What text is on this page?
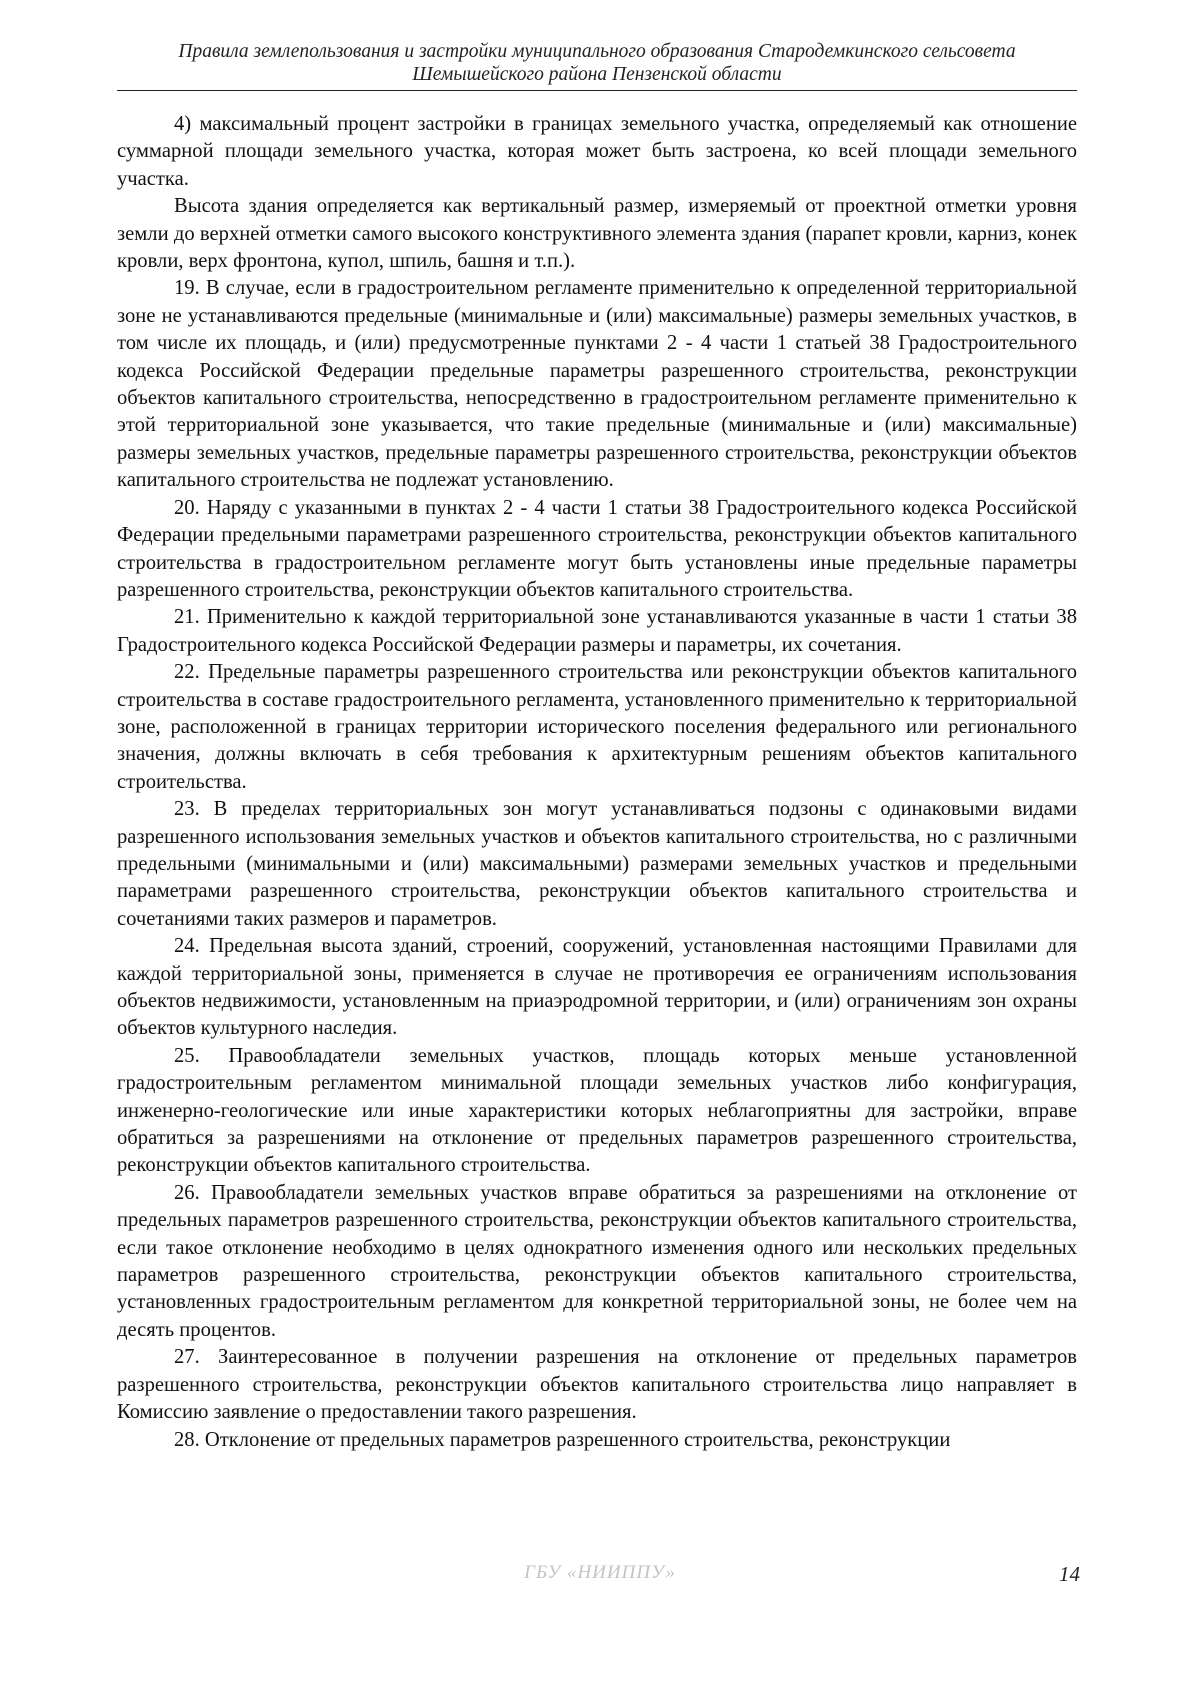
Правила землепользования и застройки муниципального образования Стародемкинского сельсовета
Шемышейского района Пензенской области

4) максимальный процент застройки в границах земельного участка, определяемый как отношение суммарной площади земельного участка, которая может быть застроена, ко всей площади земельного участка.

Высота здания определяется как вертикальный размер, измеряемый от проектной отметки уровня земли до верхней отметки самого высокого конструктивного элемента здания (парапет кровли, карниз, конек кровли, верх фронтона, купол, шпиль, башня и т.п.).

19. В случае, если в градостроительном регламенте применительно к определенной территориальной зоне не устанавливаются предельные (минимальные и (или) максимальные) размеры земельных участков, в том числе их площадь, и (или) предусмотренные пунктами 2 - 4 части 1 статьей 38 Градостроительного кодекса Российской Федерации предельные параметры разрешенного строительства, реконструкции объектов капитального строительства, непосредственно в градостроительном регламенте применительно к этой территориальной зоне указывается, что такие предельные (минимальные и (или) максимальные) размеры земельных участков, предельные параметры разрешенного строительства, реконструкции объектов капитального строительства не подлежат установлению.

20. Наряду с указанными в пунктах 2 - 4 части 1 статьи 38 Градостроительного кодекса Российской Федерации предельными параметрами разрешенного строительства, реконструкции объектов капитального строительства в градостроительном регламенте могут быть установлены иные предельные параметры разрешенного строительства, реконструкции объектов капитального строительства.

21. Применительно к каждой территориальной зоне устанавливаются указанные в части 1 статьи 38 Градостроительного кодекса Российской Федерации размеры и параметры, их сочетания.

22. Предельные параметры разрешенного строительства или реконструкции объектов капитального строительства в составе градостроительного регламента, установленного применительно к территориальной зоне, расположенной в границах территории исторического поселения федерального или регионального значения, должны включать в себя требования к архитектурным решениям объектов капитального строительства.

23. В пределах территориальных зон могут устанавливаться подзоны с одинаковыми видами разрешенного использования земельных участков и объектов капитального строительства, но с различными предельными (минимальными и (или) максимальными) размерами земельных участков и предельными параметрами разрешенного строительства, реконструкции объектов капитального строительства и сочетаниями таких размеров и параметров.

24. Предельная высота зданий, строений, сооружений, установленная настоящими Правилами для каждой территориальной зоны, применяется в случае не противоречия ее ограничениям использования объектов недвижимости, установленным на приаэродромной территории, и (или) ограничениям зон охраны объектов культурного наследия.

25. Правообладатели земельных участков, площадь которых меньше установленной градостроительным регламентом минимальной площади земельных участков либо конфигурация, инженерно-геологические или иные характеристики которых неблагоприятны для застройки, вправе обратиться за разрешениями на отклонение от предельных параметров разрешенного строительства, реконструкции объектов капитального строительства.

26. Правообладатели земельных участков вправе обратиться за разрешениями на отклонение от предельных параметров разрешенного строительства, реконструкции объектов капитального строительства, если такое отклонение необходимо в целях однократного изменения одного или нескольких предельных параметров разрешенного строительства, реконструкции объектов капитального строительства, установленных градостроительным регламентом для конкретной территориальной зоны, не более чем на десять процентов.

27. Заинтересованное в получении разрешения на отклонение от предельных параметров разрешенного строительства, реконструкции объектов капитального строительства лицо направляет в Комиссию заявление о предоставлении такого разрешения.

28. Отклонение от предельных параметров разрешенного строительства, реконструкции

ГБУ «НИИППУ»	14
